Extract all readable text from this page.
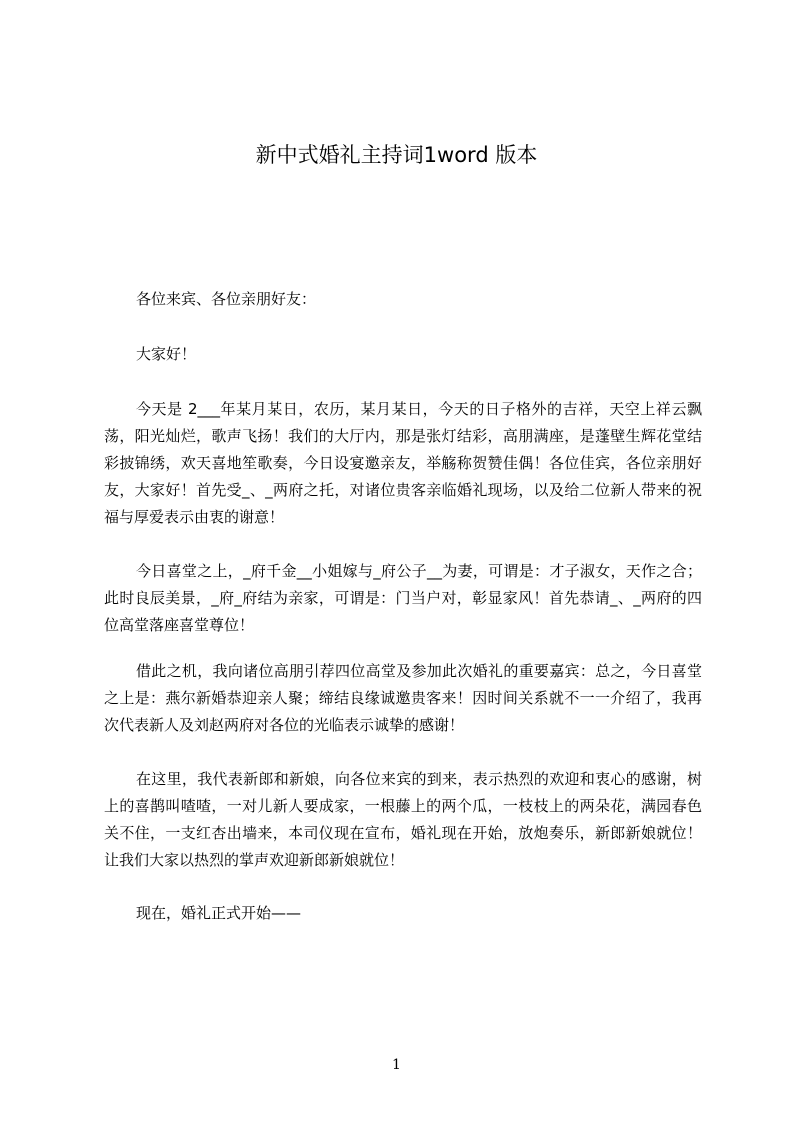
新中式婚礼主持词1word 版本

各位来宾、各位亲朋好友：

大家好！

今天是 2___年某月某日，农历，某月某日，今天的日子格外的吉祥，天空上祥云飘荡，阳光灿烂，歌声飞扬！我们的大厅内，那是张灯结彩，高朋满座，是蓬壁生辉花堂结彩披锦绣，欢天喜地笙歌奏，今日设宴邀亲友，举觞称贺赞佳偶！各位佳宾，各位亲朋好友，大家好！首先受_、_两府之托，对诸位贵客亲临婚礼现场，以及给二位新人带来的祝福与厚爱表示由衷的谢意！

今日喜堂之上，_府千金__小姐嫁与_府公子__为妻，可谓是：才子淑女，天作之合；此时良辰美景，_府_府结为亲家，可谓是：门当户对，彰显家风！首先恭请_、_两府的四位高堂落座喜堂尊位！

借此之机，我向诸位高朋引荐四位高堂及参加此次婚礼的重要嘉宾：总之，今日喜堂之上是：燕尔新婚恭迎亲人聚；缔结良缘诚邀贵客来！因时间关系就不一一介绍了，我再次代表新人及刘赵两府对各位的光临表示诚挚的感谢！

在这里，我代表新郎和新娘，向各位来宾的到来，表示热烈的欢迎和衷心的感谢，树上的喜鹊叫喳喳，一对儿新人要成家，一根藤上的两个瓜，一枝枝上的两朵花，满园春色关不住，一支红杏出墙来，本司仪现在宣布，婚礼现在开始，放炮奏乐，新郎新娘就位！让我们大家以热烈的掌声欢迎新郎新娘就位！

现在，婚礼正式开始——

1
